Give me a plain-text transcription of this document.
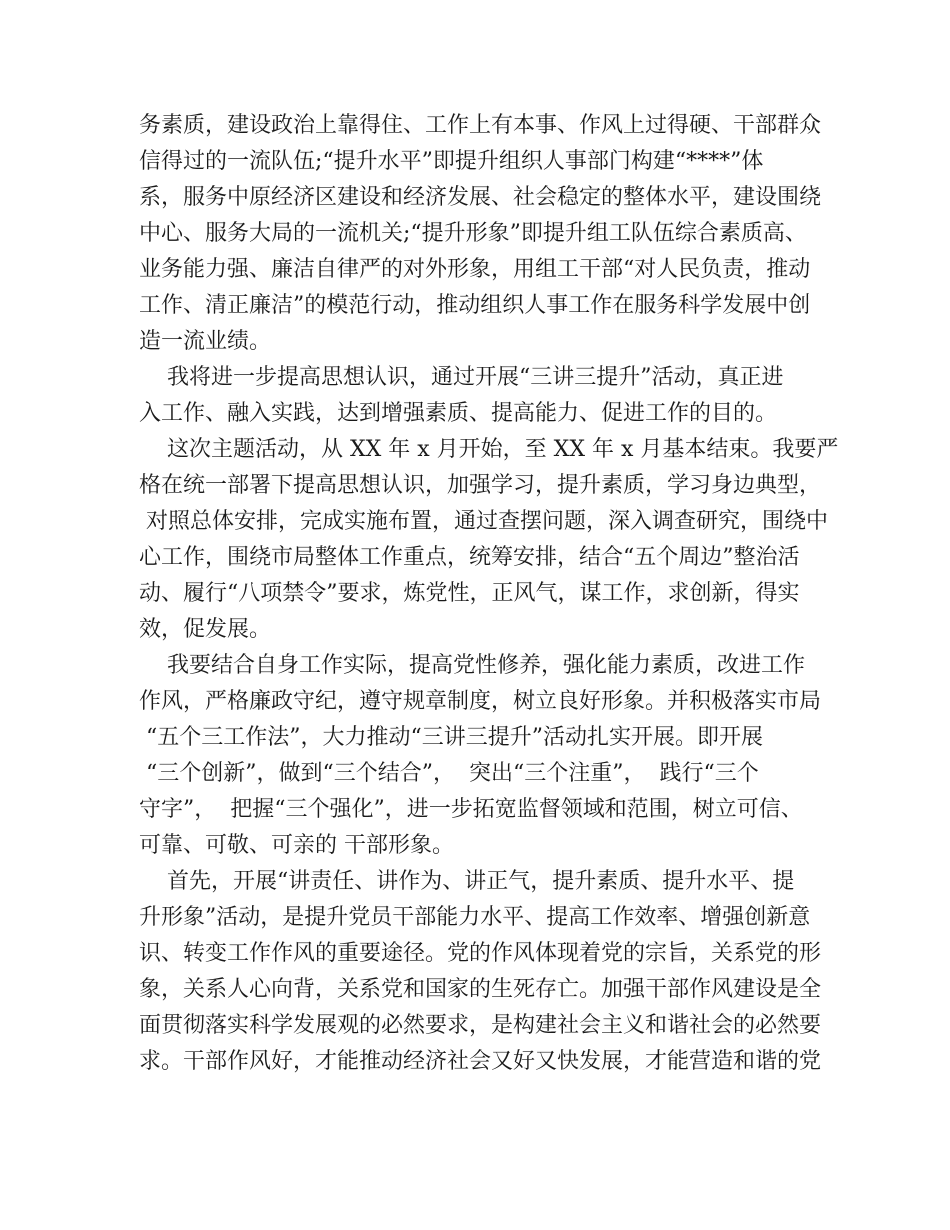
务素质，建设政治上靠得住、工作上有本事、作风上过得硬、干部群众
信得过的一流队伍;“提升水平”即提升组织人事部门构建“****”体
系，服务中原经济区建设和经济发展、社会稳定的整体水平，建设围绕
中心、服务大局的一流机关;“提升形象”即提升组工队伍综合素质高、
业务能力强、廉洁自律严的对外形象，用组工干部“对人民负责，推动
工作、清正廉洁”的模范行动，推动组织人事工作在服务科学发展中创
造一流业绩。
我将进一步提高思想认识，通过开展“三讲三提升”活动，真正进
入工作、融入实践，达到增强素质、提高能力、促进工作的目的。
这次主题活动，从 XX 年 x 月开始，至 XX 年 x 月基本结束。我要严
格在统一部署下提高思想认识，加强学习，提升素质，学习身边典型，
对照总体安排，完成实施布置，通过查摆问题，深入调查研究，围绕中
心工作，围绕市局整体工作重点，统筹安排，结合“五个周边”整治活
动、履行“八项禁令”要求，炼党性，正风气，谋工作，求创新，得实
效，促发展。
我要结合自身工作实际，提高党性修养，强化能力素质，改进工作
作风，严格廉政守纪，遵守规章制度，树立良好形象。并积极落实市局
“五个三工作法”，大力推动“三讲三提升”活动扎实开展。即开展
“三个创新”，做到“三个结合”，  突出“三个注重”，  践行“三个
守字”，  把握“三个强化”，进一步拓宽监督领域和范围，树立可信、
可靠、可敬、可亲的 干部形象。
首先，开展“讲责任、讲作为、讲正气，提升素质、提升水平、提
升形象”活动，是提升党员干部能力水平、提高工作效率、增强创新意
识、转变工作作风的重要途径。党的作风体现着党的宗旨，关系党的形
象，关系人心向背，关系党和国家的生死存亡。加强干部作风建设是全
面贯彻落实科学发展观的必然要求，是构建社会主义和谐社会的必然要
求。干部作风好，才能推动经济社会又好又快发展，才能营造和谐的党
